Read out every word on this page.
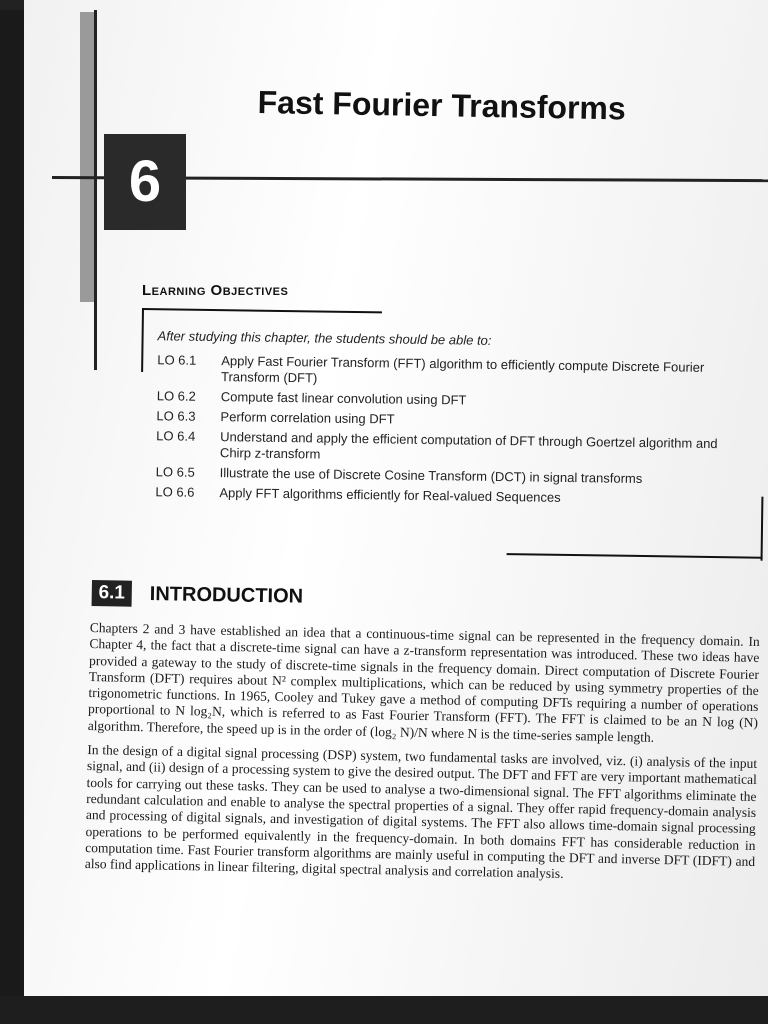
6
Fast Fourier Transforms
Learning Objectives

After studying this chapter, the students should be able to:

LO 6.1	Apply Fast Fourier Transform (FFT) algorithm to efficiently compute Discrete Fourier Transform (DFT)
LO 6.2	Compute fast linear convolution using DFT
LO 6.3	Perform correlation using DFT
LO 6.4	Understand and apply the efficient computation of DFT through Goertzel algorithm and Chirp z-transform
LO 6.5	Illustrate the use of Discrete Cosine Transform (DCT) in signal transforms
LO 6.6	Apply FFT algorithms efficiently for Real-valued Sequences
6.1	INTRODUCTION

Chapters 2 and 3 have established an idea that a continuous-time signal can be represented in the frequency domain. In Chapter 4, the fact that a discrete-time signal can have a z-transform representation was introduced. These two ideas have provided a gateway to the study of discrete-time signals in the frequency domain. Direct computation of Discrete Fourier Transform (DFT) requires about N² complex multiplications, which can be reduced by using symmetry properties of the trigonometric functions. In 1965, Cooley and Tukey gave a method of computing DFTs requiring a number of operations proportional to N log₂N, which is referred to as Fast Fourier Transform (FFT). The FFT is claimed to be an N log (N) algorithm. Therefore, the speed up is in the order of (log₂ N)/N where N is the time-series sample length.

In the design of a digital signal processing (DSP) system, two fundamental tasks are involved, viz. (i) analysis of the input signal, and (ii) design of a processing system to give the desired output. The DFT and FFT are very important mathematical tools for carrying out these tasks. They can be used to analyse a two-dimensional signal. The FFT algorithms eliminate the redundant calculation and enable to analyse the spectral properties of a signal. They offer rapid frequency-domain analysis and processing of digital signals, and investigation of digital systems. The FFT also allows time-domain signal processing operations to be performed equivalently in the frequency-domain. In both domains FFT has considerable reduction in computation time. Fast Fourier transform algorithms are mainly useful in computing the DFT and inverse DFT (IDFT) and also find applications in linear filtering, digital spectral analysis and correlation analysis.
